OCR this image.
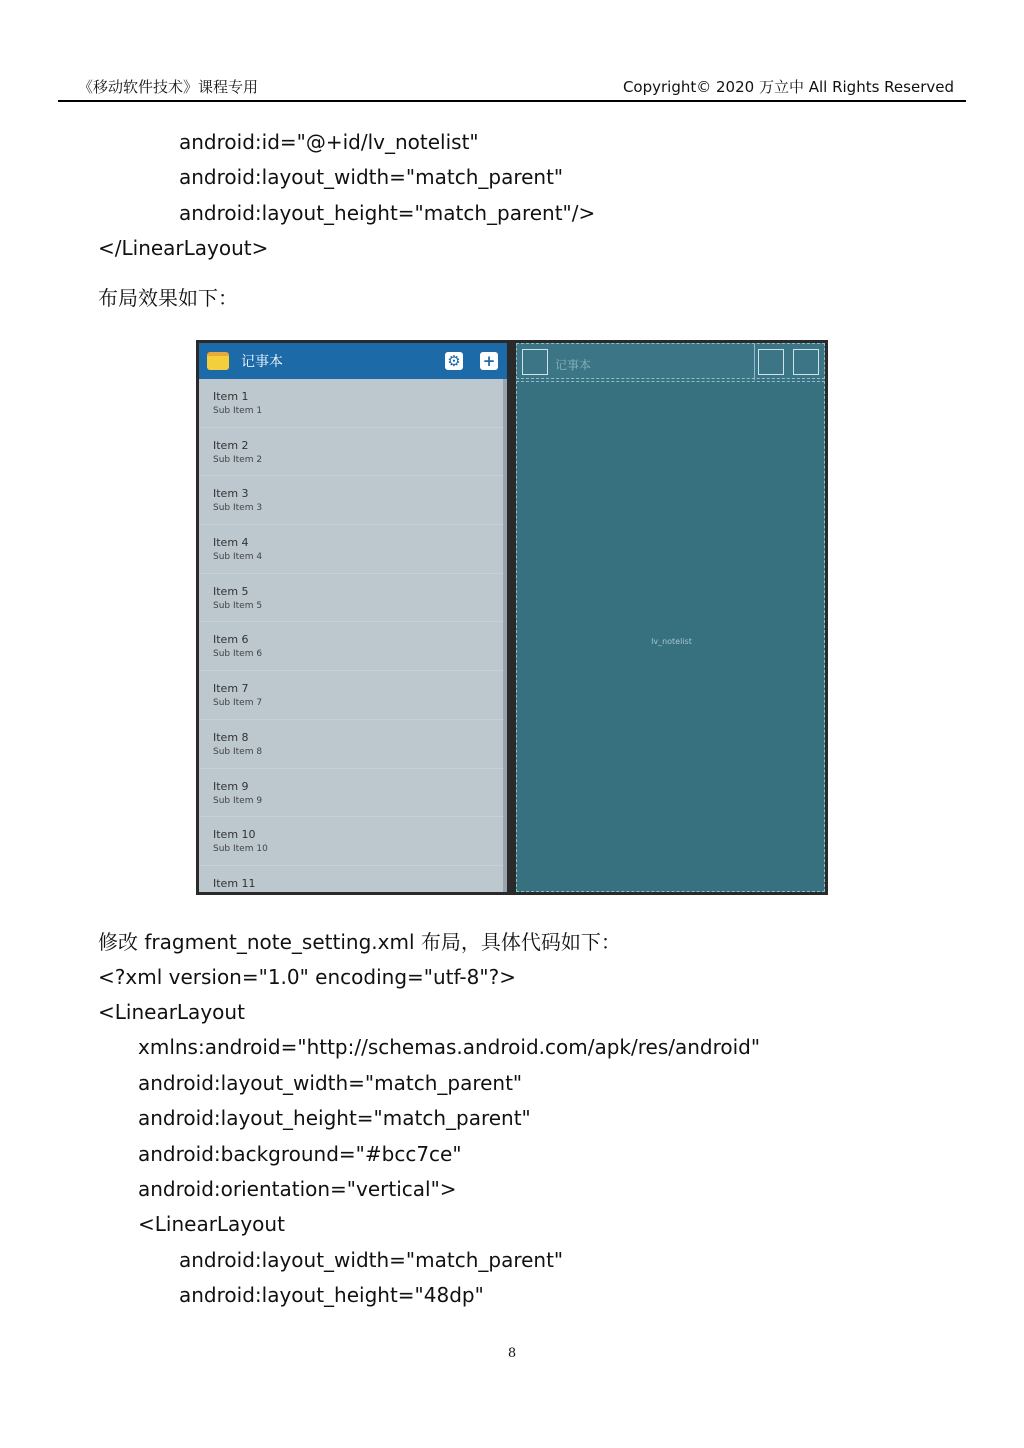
《移动软件技术》课程专用	Copyright© 2020 万立中 All Rights Reserved
android:id="@+id/lv_notelist"
android:layout_width="match_parent"
android:layout_height="match_parent"/>
</LinearLayout>
布局效果如下：
记事本	⚙ +
Item 1
Sub Item 1
Item 2
Sub Item 2
Item 3
Sub Item 3
Item 4
Sub Item 4
Item 5
Sub Item 5
Item 6
Sub Item 6
Item 7
Sub Item 7
Item 8
Sub Item 8
Item 9
Sub Item 9
Item 10
Sub Item 10
Item 11
记事本
lv_notelist
修改 fragment_note_setting.xml 布局，具体代码如下：
<?xml version="1.0" encoding="utf-8"?>
<LinearLayout
xmlns:android="http://schemas.android.com/apk/res/android"
android:layout_width="match_parent"
android:layout_height="match_parent"
android:background="#bcc7ce"
android:orientation="vertical">
<LinearLayout
android:layout_width="match_parent"
android:layout_height="48dp"
8
